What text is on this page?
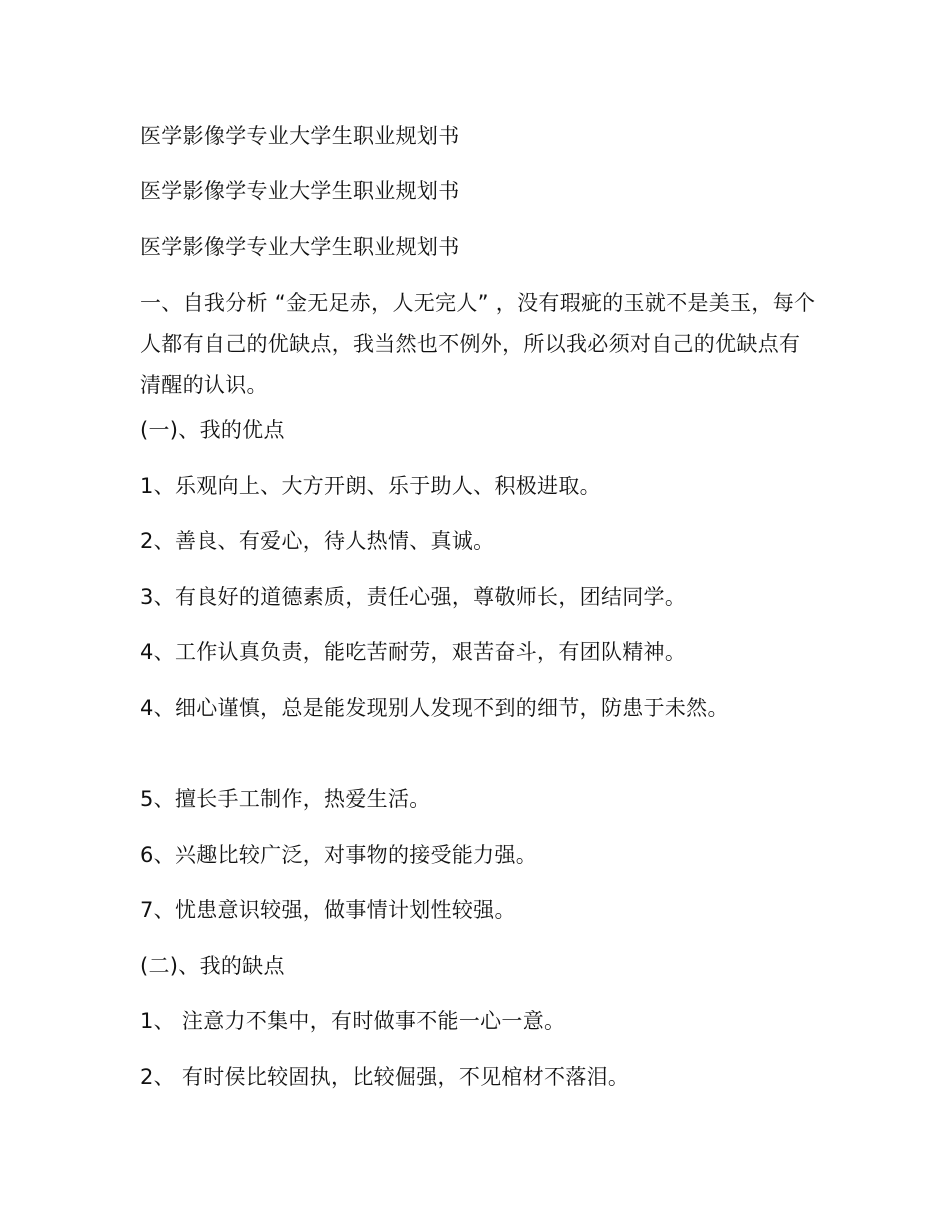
医学影像学专业大学生职业规划书
医学影像学专业大学生职业规划书
医学影像学专业大学生职业规划书
一、自我分析 “金无足赤，人无完人” ，没有瑕疵的玉就不是美玉，每个人都有自己的优缺点，我当然也不例外，所以我必须对自己的优缺点有清醒的认识。
(一)、我的优点
1、乐观向上、大方开朗、乐于助人、积极进取。
2、善良、有爱心，待人热情、真诚。
3、有良好的道德素质，责任心强，尊敬师长，团结同学。
4、工作认真负责，能吃苦耐劳，艰苦奋斗，有团队精神。
4、细心谨慎，总是能发现别人发现不到的细节，防患于未然。
5、擅长手工制作，热爱生活。
6、兴趣比较广泛，对事物的接受能力强。
7、忧患意识较强，做事情计划性较强。
(二)、我的缺点
1、 注意力不集中，有时做事不能一心一意。
2、 有时侯比较固执，比较倔强，不见棺材不落泪。
